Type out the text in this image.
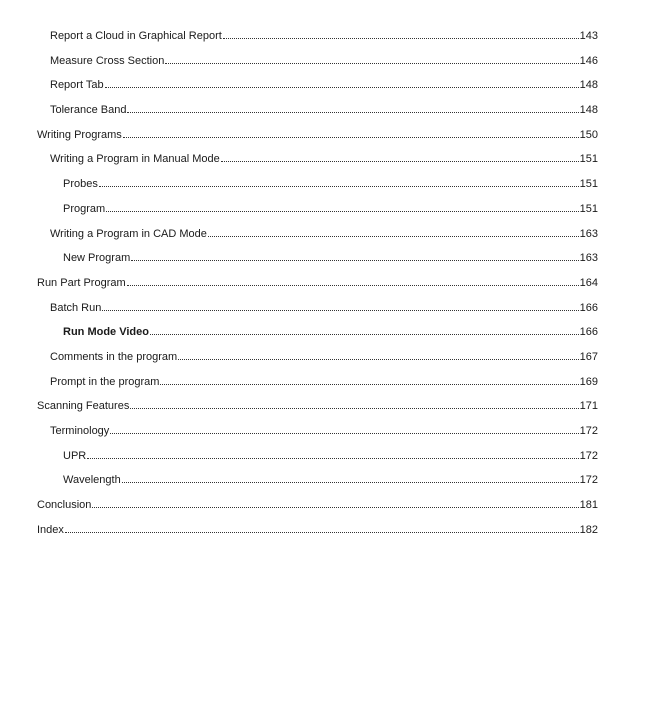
Report a Cloud in Graphical Report	143
Measure Cross Section	146
Report Tab	148
Tolerance Band	148
Writing Programs	150
Writing a Program in Manual Mode	151
Probes	151
Program	151
Writing a Program in CAD Mode	163
New Program	163
Run Part Program	164
Batch Run	166
Run Mode Video	166
Comments in the program	167
Prompt in the program	169
Scanning Features	171
Terminology	172
UPR	172
Wavelength	172
Conclusion	181
Index	182
